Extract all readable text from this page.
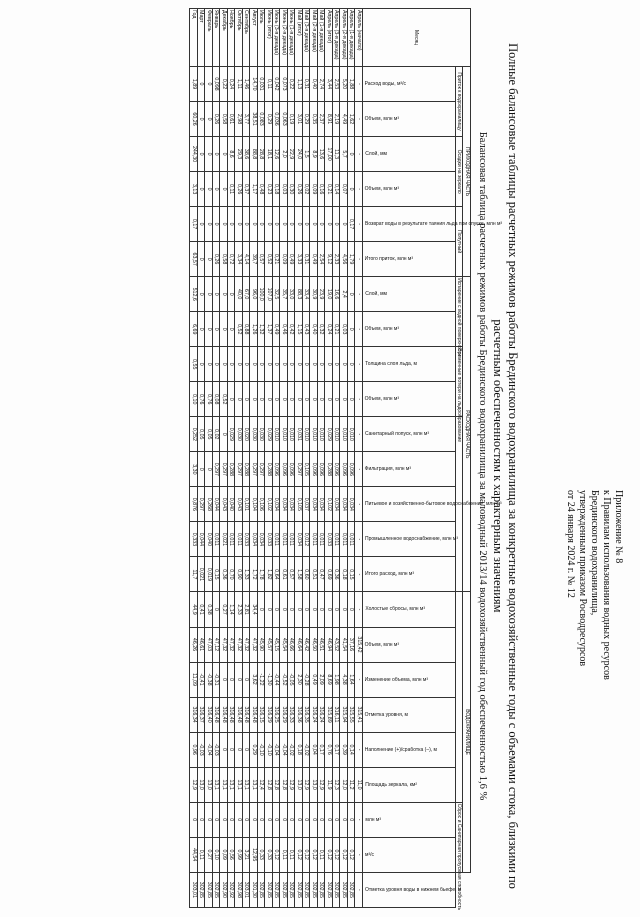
Приложение № 8
к Правилам использования водных ресурсов
Брединского водохранилища,
утвержденным приказом Росводресурсов
от 24 января 2024 г. № 12
Полные балансовые таблицы расчетных режимов работы Брединского водохранилища за конкретные водохозяйственные годы с объемами стока, близкими по расчетным обеспеченностям к характерным значениям
Балансовая таблица расчетных режимов работы Брединского водохранилища за маловодный 2013/14 водохозяйственный год обеспеченностью 1,6 %
Месяц	ПРИХОДНАЯ ЧАСТЬ						РАСХОДНАЯ ЧАСТЬ									ВОДОХРАНИЛИЩЕ								
	Приток к водохранилищу		Осадки на зеркало		Попутный		Испарение с водной поверхности		Временные потери на льдообразование													Сброс и Санитарная пропускная способность		
	Расход воды, м³/с	Объем, млн м³	Слой, мм	Объем, млн м³	Возврат воды в результате таяния льда при спуске, млн м³	Итого приток, млн м³	Слой, мм	Объем, млн м³	Толщина слоя льда, м	Объем, млн м³	Санитарный попуск, млн м³	Фильтрация, млн м³	Питьевое и хозяйственно-бытовое водоснабжение, млн м³	Промышленное водоснабжение, млн м³	Итого расход, млн м³	Холостые сбросы, млн м³	Объем, млн м³	Изменение объема, млн м³	Отметка уровня, м	Наполнение (+)/сработка (–), м	Площадь зеркала, км²	млн м³	м³/с	Отметка уровня воды в нижнем бьефе, м
Апрель (начало)	-	-	-	-	-	-	-	-	-	-	-	-	-	-	-	-	315,42	-	315,41	-	11,0	-	-	-
Апрель (1-я декада)	1,88	1,62	0	0	0,17	1,79	0	0	0	0	0,010	0,096	0,034	0,011	0,15	0	37,16	1,64	315,55	0,14	11,2	0	0,12	302,85
Апрель (2-я декада)	5,20	4,49	5,7	0,07	0	4,56	2,4	0,03	0	0	0,010	0,096	0,034	0,011	0,18	0	41,54	4,38	315,94	0,39	12,0	0	0,12	302,85
Апрель (3-я декада)	2,53	2,19	11,3	0,14	0	2,33	16,6	0,21	0	0	0,010	0,096	0,034	0,011	0,36	0	43,52	1,98	316,11	0,17	12,3	0	0,12	302,85
Апрель (итог)	3,44	8,91	17,00	0,21	0	9,12	19,0	0,24	0	0	0,029	0,288	0,102	0,033	0,69	0	46,94	8,69	315,89	0,76	11,9	0	0,12	302,85
Май (1-я декада)	2,74	2,37	13,6	0,16	0	2,54	23,9	0,32	0	0	0,010	0,096	0,034	0,011	0,47	0	46,51	2,09	316,24	0,17	12,9	0	0,11	302,85
Май (2-я декада)	0,40	0,35	8,9	0,09	0	0,49	30,9	0,40	0	0	0,010	0,096	0,034	0,011	0,51	0	46,50	0,49	316,24	0,04	13,0	0	0,12	302,85
Май (3-я декада)	0,31	0,29	1,5	0,02	0	0,31	33,4	0,43	0	0	0,010	0,105	0,037	0,012	0,60	0	46,42	-0,28	316,35	-0,02	12,9	0	0,12	302,85
Май (итог)	1,13	3,01	24,0	0,26	0	3,33	88,3	1,15	0	0	0,031	0,297	0,105	0,034	1,58	0	46,64	2,30	316,36	0,18	13,0	0	0,12	302,85
Июнь (1-я декада)	0,22	0,19	22,9	0,30	0	0,49	33,0	0,42	0	0	0,010	0,096	0,034	0,011	0,57	0	46,66	-0,05	316,33	-0,02	12,9	0	0,11	302,85
Июнь (2-я декада)	0,073	0,063	2,0	0,03	0	0,09	35,7	0,46	0	0	0,010	0,096	0,034	0,011	0,61	0	45,54	-0,52	316,29	-0,04	12,8	0	0,11	302,85
Июнь (3-я декада)	0,042	0,036	12,6	0,18	0	0,21	32,5	0,49	0	0	0,010	0,096	0,034	0,011	0,64	0	45,15	-0,44	316,25	-0,04	12,8	0	0,12	302,85
Июнь (итог)	0,11	0,29	18,1	0,23	0	0,52	107,0	1,37	0	0	0,029	0,288	0,102	0,033	1,82	0	45,57	-1,30	316,29	-0,10	12,8	0	0,33	302,85
Июль	0,031	0,083	28,8	0,48	0	0,57	100,0	1,32	0	0	0,030	0,297	0,106	0,034	1,78	0	45,90	-1,22	316,15	-0,10	12,4	0	0,33	302,85
Август	14,70	38,51	88,8	1,17	0	39,7	96,0	1,26	0	0	0,030	0,297	0,104	0,034	1,72	34,4	47,32	3,62	316,48	0,29	13,1	0	12,95	301,30
Сентябрь	1,46	3,77	38,6	0,37	0	4,14	67,0	0,88	0	0	0,020	0,288	0,101	0,033	1,33	2,81	47,32	0	316,48	0	13,1	0	3,21	303,01
Октябрь	1,11	2,98	29,3	0,26	0	3,34	40,0	0,52	0	0	0,030	0,297	0,043	0,011	0,90	2,33	47,32	0	316,48	0	13,1	0	0,99	302,98
Ноябрь	0,24	0,61	8,6	0,11	0	0,72	0	0	0	0	0,029	0,288	0,040	0,011	0,70	1,14	47,32	0	316,48	0	13,1	0	0,56	302,92
Декабрь	0,22	0,58	0	0	0	0,58	0	0	0	0,52	0	0,297	0,043	0,021	0,36	0,27	47,32	0	316,48	0	13,1	0	0,09	302,90
Январь	0,098	0,26	0	0	0	0,26	0	0	0	0,08	0,02	0,297	0,044	0,011	0,15	0	47,12	-0,31	316,48	-0,03	13,1	0	0,10	302,85
Февраль	0	0	0	0	0	0	0	0	0	0,76	0,05	0	0,268	0,040	0,019	0,38	47,03	-0,38	316,40	-0,04	13,0	0	0,27	302,85
Март	0	0	0	0	0	0	0	0	0	0,76	0,05	0	0,297	0,044	0,021	0,41	46,61	-0,41	316,37	-0,03	13,0	0	0,11	302,85
Год	1,89	60,26	244,30	3,13	0,17	63,57	512,6	6,69	0,55	0,10	0,252	3,30	0,876	0,333	11,7	44,9	46,26	11,09	316,34	0,96	12,9	0	44,54	303,01
